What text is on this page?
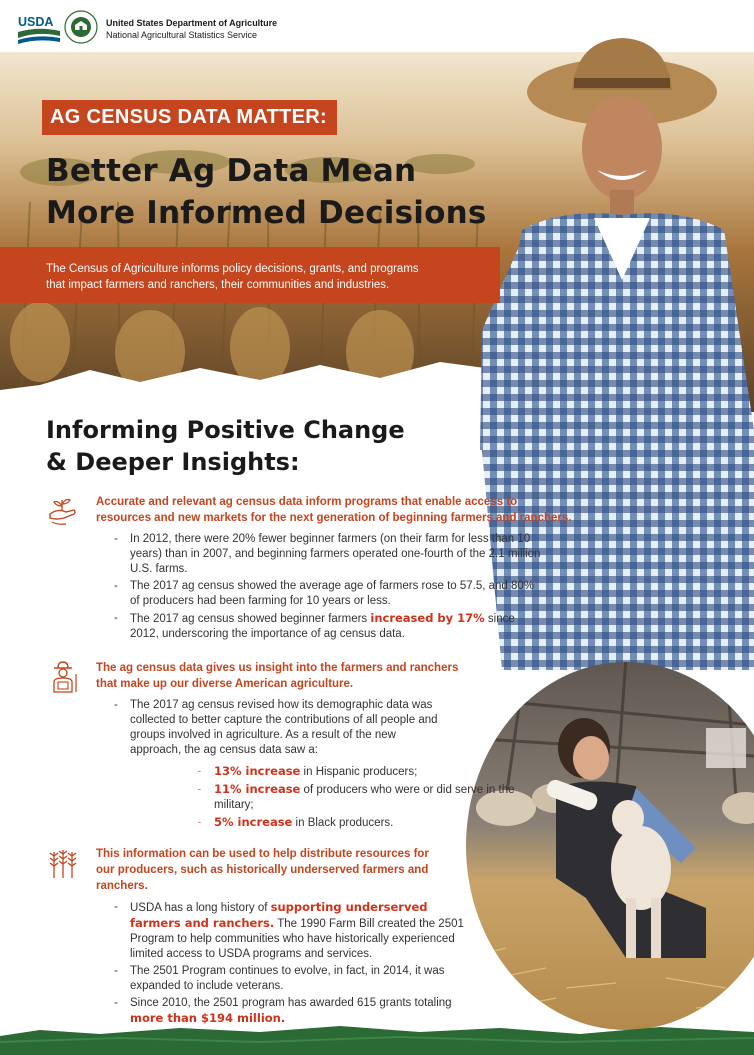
USDA	United States Department of Agriculture
National Agricultural Statistics Service
AG CENSUS DATA MATTER:
Better Ag Data Mean
More Informed Decisions
The Census of Agriculture informs policy decisions, grants, and programs
that impact farmers and ranchers, their communities and industries.
Informing Positive Change
& Deeper Insights:
Accurate and relevant ag census data inform programs that enable access to
resources and new markets for the next generation of beginning farmers and ranchers.
- In 2012, there were 20% fewer beginner farmers (on their farm for less than 10 years) than in 2007, and beginning farmers operated one-fourth of the 2.1 million U.S. farms.
- The 2017 ag census showed the average age of farmers rose to 57.5, and 80% of producers had been farming for 10 years or less.
- The 2017 ag census showed beginner farmers increased by 17% since 2012, underscoring the importance of ag census data.
The ag census data gives us insight into the farmers and ranchers
that make up our diverse American agriculture.
- The 2017 ag census revised how its demographic data was collected to better capture the contributions of all people and groups involved in agriculture. As a result of the new approach, the ag census data saw a:
- 13% increase in Hispanic producers;
- 11% increase of producers who were or did serve in the military;
- 5% increase in Black producers.
This information can be used to help distribute resources for our producers, such as historically underserved farmers and ranchers.
- USDA has a long history of supporting underserved farmers and ranchers. The 1990 Farm Bill created the 2501 Program to help communities who have historically experienced limited access to USDA programs and services.
- The 2501 Program continues to evolve, in fact, in 2014, it was expanded to include veterans.
- Since 2010, the 2501 program has awarded 615 grants totaling more than $194 million.
